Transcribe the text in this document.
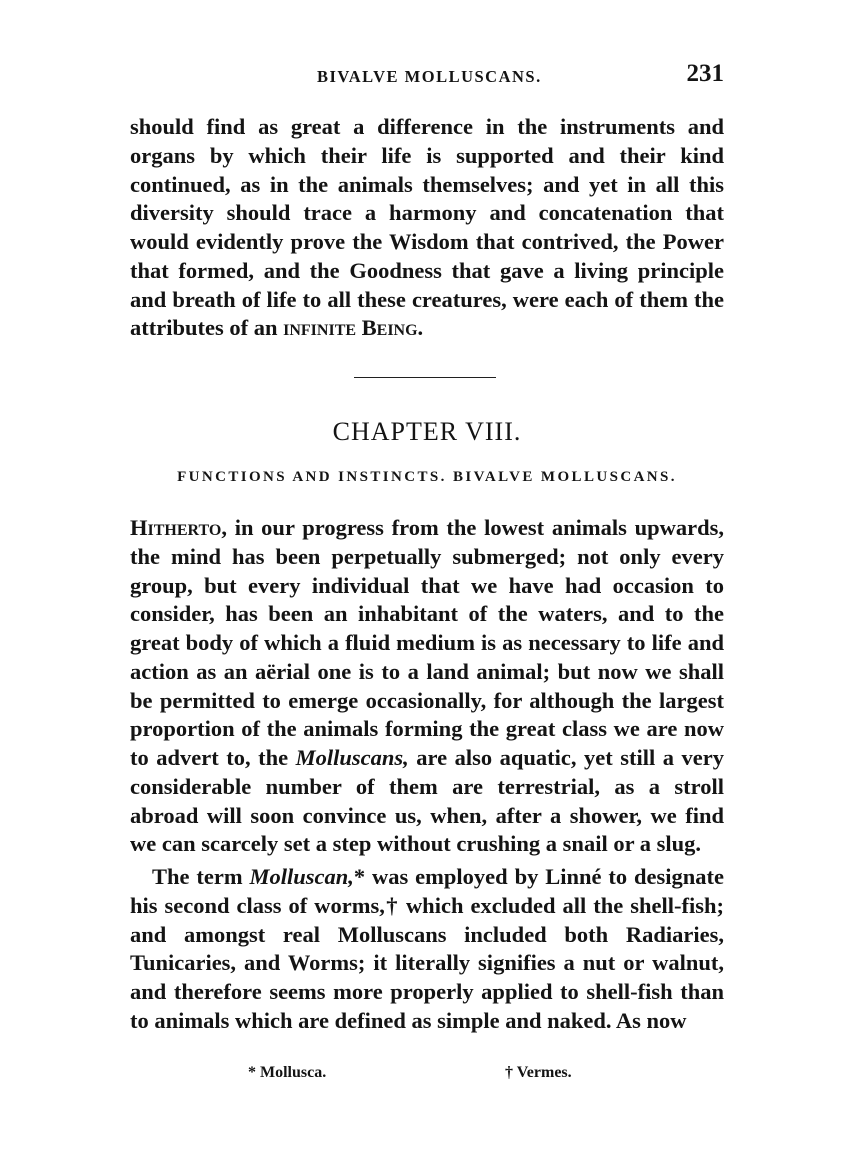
BIVALVE MOLLUSCANS.	231

should find as great a difference in the instruments and organs by which their life is supported and their kind continued, as in the animals themselves; and yet in all this diversity should trace a harmony and concatenation that would evidently prove the Wisdom that contrived, the Power that formed, and the Goodness that gave a living principle and breath of life to all these creatures, were each of them the attributes of an infinite Being.

CHAPTER VIII.
FUNCTIONS AND INSTINCTS. BIVALVE MOLLUSCANS.

Hitherto, in our progress from the lowest animals upwards, the mind has been perpetually submerged; not only every group, but every individual that we have had occasion to consider, has been an inhabitant of the waters, and to the great body of which a fluid medium is as necessary to life and action as an aërial one is to a land animal; but now we shall be permitted to emerge occasionally, for although the largest proportion of the animals forming the great class we are now to advert to, the Molluscans, are also aquatic, yet still a very considerable number of them are terrestrial, as a stroll abroad will soon convince us, when, after a shower, we find we can scarcely set a step without crushing a snail or a slug.

The term Molluscan,* was employed by Linné to designate his second class of worms,† which excluded all the shell-fish; and amongst real Molluscans included both Radiaries, Tunicaries, and Worms; it literally signifies a nut or walnut, and therefore seems more properly applied to shell-fish than to animals which are defined as simple and naked. As now

* Mollusca.	† Vermes.
